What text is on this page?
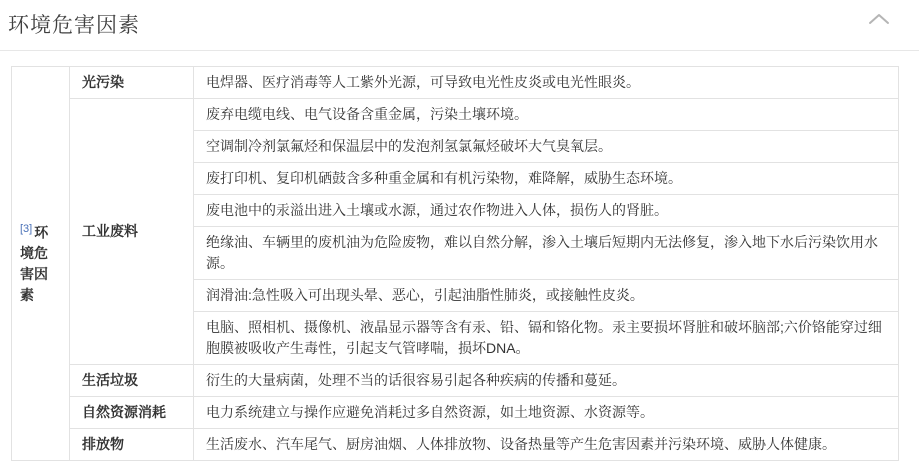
环境危害因素
[3] 环境危害因素	光污染	电焊器、医疗消毒等人工紫外光源，可导致电光性皮炎或电光性眼炎。
	工业废料	废弃电缆电线、电气设备含重金属，污染土壤环境。
		空调制冷剂氯氟烃和保温层中的发泡剂氢氯氟烃破坏大气臭氧层。
		废打印机、复印机硒鼓含多种重金属和有机污染物，难降解，威胁生态环境。
		废电池中的汞溢出进入土壤或水源，通过农作物进入人体，损伤人的肾脏。
		绝缘油、车辆里的废机油为危险废物，难以自然分解，渗入土壤后短期内无法修复，渗入地下水后污染饮用水源。
		润滑油:急性吸入可出现头晕、恶心，引起油脂性肺炎，或接触性皮炎。
		电脑、照相机、摄像机、液晶显示器等含有汞、铅、镉和铬化物。汞主要损坏肾脏和破坏脑部;六价铬能穿过细胞膜被吸收产生毒性，引起支气管哮喘，损坏DNA。
	生活垃圾	衍生的大量病菌，处理不当的话很容易引起各种疾病的传播和蔓延。
	自然资源消耗	电力系统建立与操作应避免消耗过多自然资源，如土地资源、水资源等。
	排放物	生活废水、汽车尾气、厨房油烟、人体排放物、设备热量等产生危害因素并污染环境、威胁人体健康。
